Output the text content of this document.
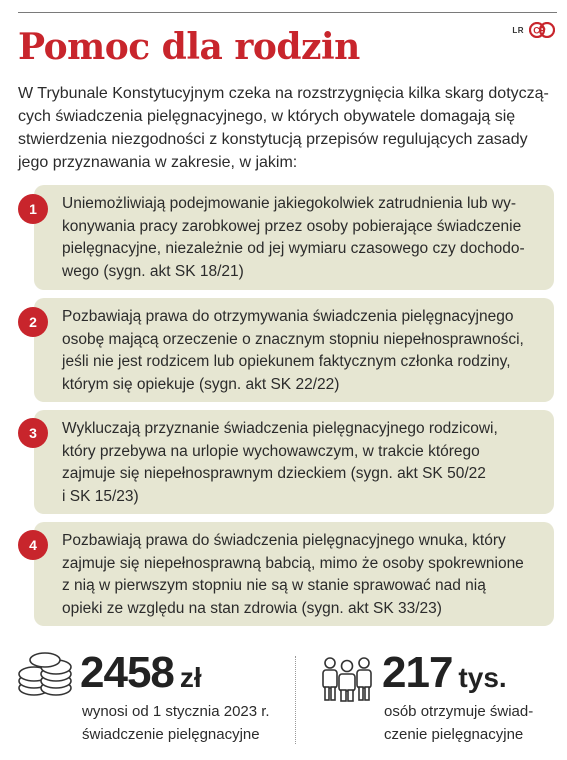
LR CP
Pomoc dla rodzin
W Trybunale Konstytucyjnym czeka na rozstrzygnięcia kilka skarg dotyczą-
cych świadczenia pielęgnacyjnego, w których obywatele domagają się
stwierdzenia niezgodności z konstytucją przepisów regulujących zasady
jego przyznawania w zakresie, w jakim:
Uniemożliwiają podejmowanie jakiegokolwiek zatrudnienia lub wy-
konywania pracy zarobkowej przez osoby pobierające świadczenie
pielęgnacyjne, niezależnie od jej wymiaru czasowego czy dochodo-
wego (sygn. akt SK 18/21)
1
Pozbawiają prawa do otrzymywania świadczenia pielęgnacyjnego
osobę mającą orzeczenie o znacznym stopniu niepełnosprawności,
jeśli nie jest rodzicem lub opiekunem faktycznym członka rodziny,
którym się opiekuje (sygn. akt SK 22/22)
2
Wykluczają przyznanie świadczenia pielęgnacyjnego rodzicowi,
który przebywa na urlopie wychowawczym, w trakcie którego
zajmuje się niepełnosprawnym dzieckiem (sygn. akt SK 50/22
i SK 15/23)
3
Pozbawiają prawa do świadczenia pielęgnacyjnego wnuka, który
zajmuje się niepełnosprawną babcią, mimo że osoby spokrewnione
z nią w pierwszym stopniu nie są w stanie sprawować nad nią
opieki ze względu na stan zdrowia (sygn. akt SK 33/23)
4
2458 zł
wynosi od 1 stycznia 2023 r.
świadczenie pielęgnacyjne
217 tys.
osób otrzymuje świad-
czenie pielęgnacyjne
